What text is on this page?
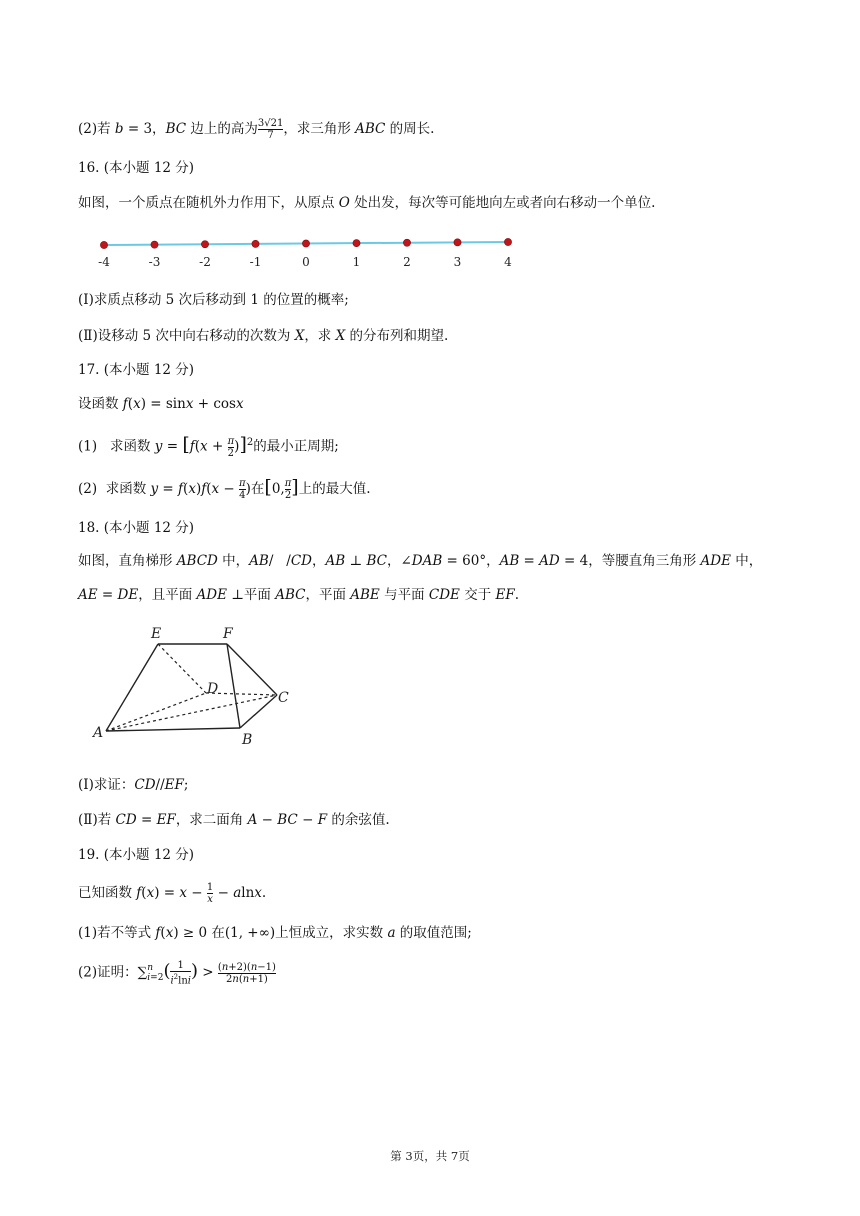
(2)若 b = 3，BC 边上的高为 $\frac{3√21}{7}$ ，求三角形 ABC 的周长.
16. (本小题 12 分)
如图，一个质点在随机外力作用下，从原点 O 处出发，每次等可能地向左或者向右移动一个单位.
-4	-3	-2	-1	0	1	2	3	4
(Ⅰ)求质点移动 5 次后移动到 1 的位置的概率;
(Ⅱ)设移动 5 次中向右移动的次数为 X，求 X 的分布列和期望.
17. (本小题 12 分)
设函数 f(x) = sinx + cosx
(1)   求函数 $y = [f(x + \frac{\pi}{2} )]^2$的最小正周期;
(2)  求函数 $y = f(x)f(x - \frac{\pi}{4}$ )在[0, $\frac{\pi}{2}$ ]上的最大值.
18. (本小题 12 分)
如图，直角梯形 ABCD 中，AB/   /CD，AB ⊥ BC，∠DAB = 60°，AB = AD = 4，等腰直角三角形 ADE 中，
AE = DE，且平面 ADE ⊥平面 ABC，平面 ABE 与平面 CDE 交于 EF.
E	F
D
C
A	B
(Ⅰ)求证：CD//EF;
(Ⅱ)若 CD = EF，求二面角 A − BC − F 的余弦值.
19. (本小题 12 分)
已知函数 $f(x) = x - \frac{1}{x} - alnx$.
(1)若不等式 f(x) ≥ 0 在(1, +∞)上恒成立，求实数 a 的取值范围;
(2)证明：∑ n
i=2 ( $\frac{1}{i^2\ln i}$ ) > $\frac{(n+2)(n-1)}{2n(n+1)}$
第 3页，共 7页
